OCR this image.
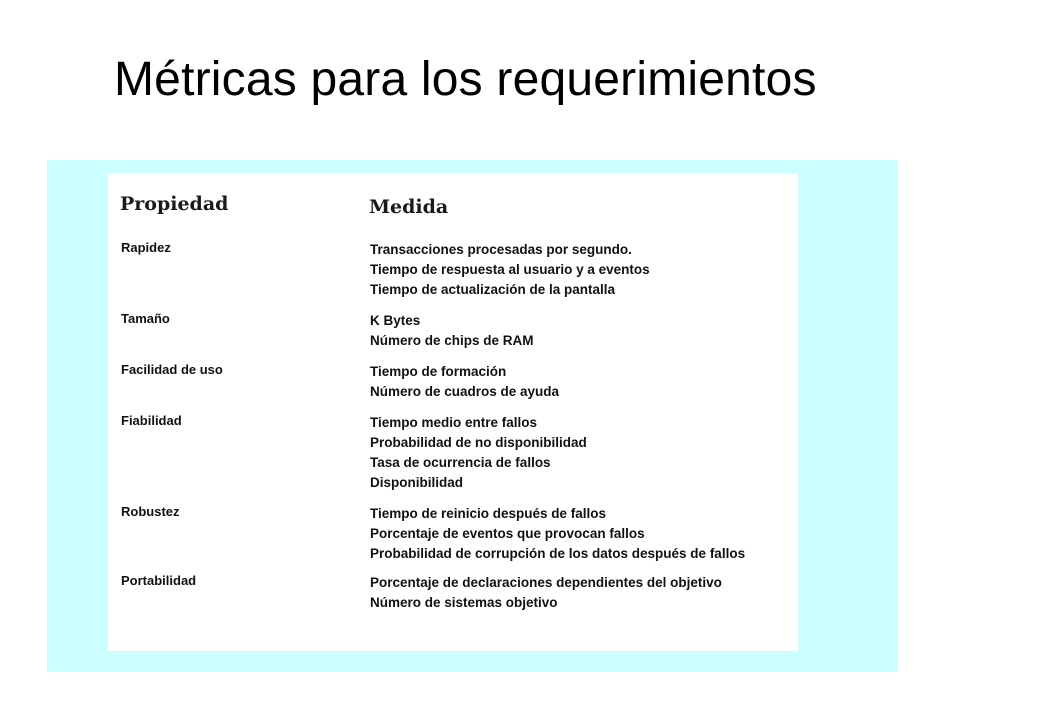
Métricas para los requerimientos
Propiedad	Medida
Rapidez	Transacciones procesadas por segundo.
Tiempo de respuesta al usuario y a eventos
Tiempo de actualización de la pantalla
Tamaño	K Bytes
Número de chips de RAM
Facilidad de uso	Tiempo de formación
Número de cuadros de ayuda
Fiabilidad	Tiempo medio entre fallos
Probabilidad de no disponibilidad
Tasa de ocurrencia de fallos
Disponibilidad
Robustez	Tiempo de reinicio después de fallos
Porcentaje de eventos que provocan fallos
Probabilidad de corrupción de los datos después de fallos
Portabilidad	Porcentaje de declaraciones dependientes del objetivo
Número de sistemas objetivo
